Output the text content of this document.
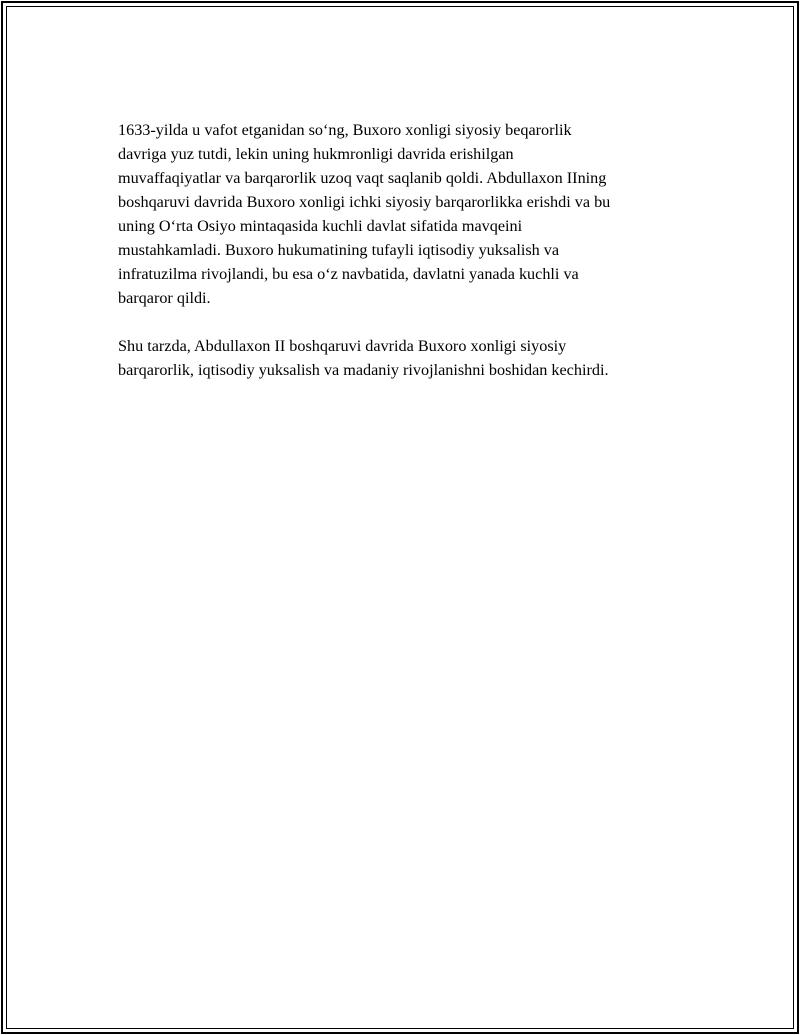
1633-yilda u vafot etganidan so‘ng, Buxoro xonligi siyosiy beqarorlik
davriga yuz tutdi, lekin uning hukmronligi davrida erishilgan
muvaffaqiyatlar va barqarorlik uzoq vaqt saqlanib qoldi. Abdullaxon IIning
boshqaruvi davrida Buxoro xonligi ichki siyosiy barqarorlikka erishdi va bu
uning O‘rta Osiyo mintaqasida kuchli davlat sifatida mavqeini
mustahkamladi. Buxoro hukumatining tufayli iqtisodiy yuksalish va
infratuzilma rivojlandi, bu esa o‘z navbatida, davlatni yanada kuchli va
barqaror qildi.

Shu tarzda, Abdullaxon II boshqaruvi davrida Buxoro xonligi siyosiy
barqarorlik, iqtisodiy yuksalish va madaniy rivojlanishni boshidan kechirdi.
